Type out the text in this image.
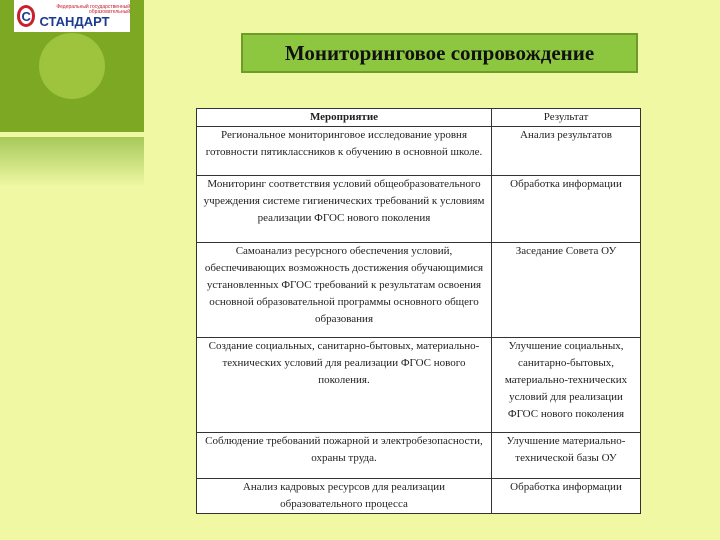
С
Федеральный государственный образовательный
СТАНДАРТ
Мониторинговое сопровождение
Мероприятие	Результат
Региональное мониторинговое исследование уровня готовности пятиклассников к обучению в основной школе.	Анализ результатов
Мониторинг соответствия условий общеобразовательного учреждения системе гигиенических требований к условиям реализации ФГОС нового поколения	Обработка информации
Самоанализ ресурсного обеспечения условий, обеспечивающих возможность достижения обучающимися установленных ФГОС требований к результатам освоения основной образовательной программы основного общего образования	Заседание Совета ОУ
Создание социальных, санитарно-бытовых, материально-технических условий для реализации ФГОС нового поколения.	Улучшение социальных, санитарно-бытовых, материально-технических условий для реализации ФГОС нового поколения
Соблюдение требований пожарной и электробезопасности, охраны труда.	Улучшение материально-технической базы ОУ
Анализ кадровых ресурсов для реализации образовательного процесса	Обработка информации
